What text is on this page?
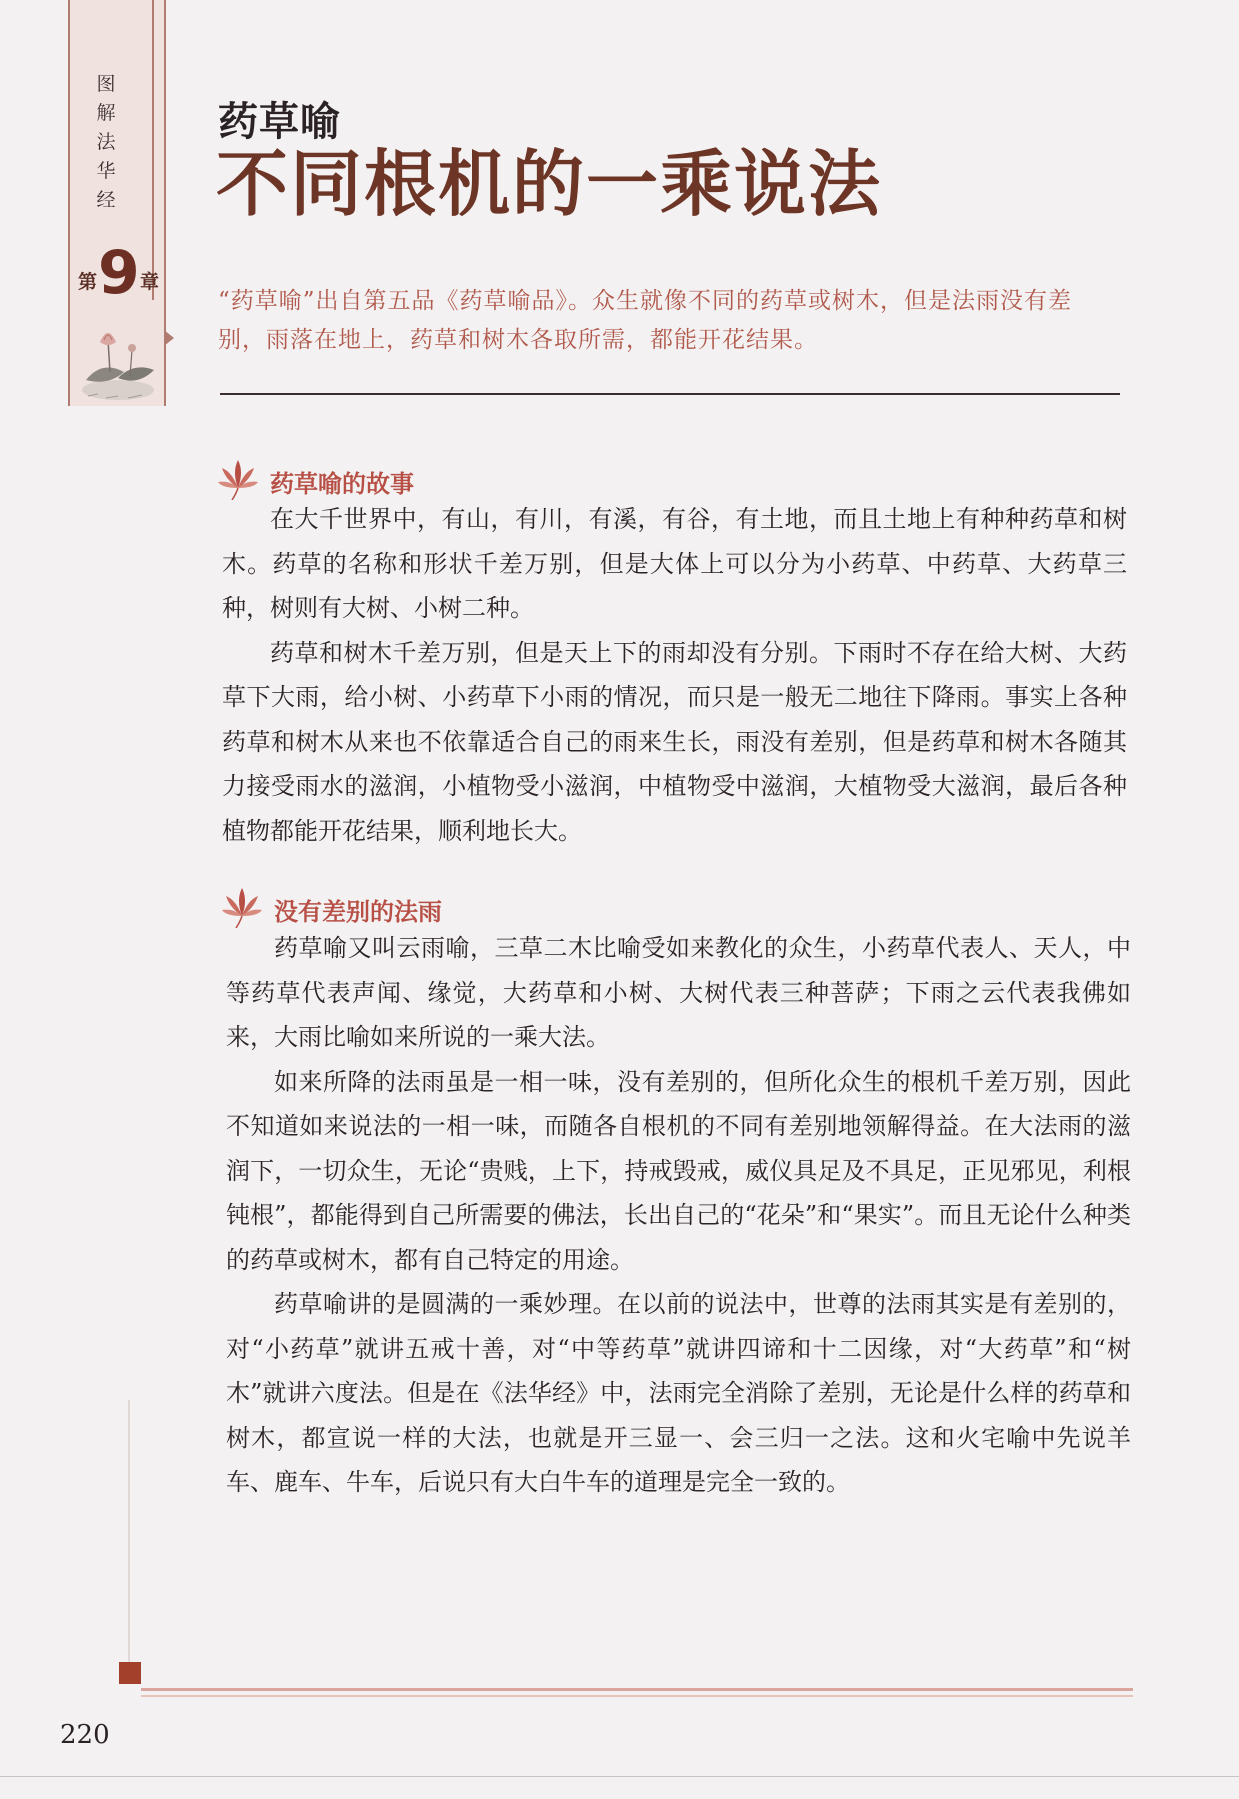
图
解
法
华
经
第 9 章
药草喻
不同根机的一乘说法
“药草喻”出自第五品《药草喻品》。众生就像不同的药草或树木，但是法雨没有差别，雨落在地上，药草和树木各取所需，都能开花结果。
药草喻的故事

在大千世界中，有山，有川，有溪，有谷，有土地，而且土地上有种种药草和树木。药草的名称和形状千差万别，但是大体上可以分为小药草、中药草、大药草三种，树则有大树、小树二种。

药草和树木千差万别，但是天上下的雨却没有分别。下雨时不存在给大树、大药草下大雨，给小树、小药草下小雨的情况，而只是一般无二地往下降雨。事实上各种药草和树木从来也不依靠适合自己的雨来生长，雨没有差别，但是药草和树木各随其力接受雨水的滋润，小植物受小滋润，中植物受中滋润，大植物受大滋润，最后各种植物都能开花结果，顺利地长大。

没有差别的法雨

药草喻又叫云雨喻，三草二木比喻受如来教化的众生，小药草代表人、天人，中等药草代表声闻、缘觉，大药草和小树、大树代表三种菩萨；下雨之云代表我佛如来，大雨比喻如来所说的一乘大法。

如来所降的法雨虽是一相一味，没有差别的，但所化众生的根机千差万别，因此不知道如来说法的一相一味，而随各自根机的不同有差别地领解得益。在大法雨的滋润下，一切众生，无论“贵贱，上下，持戒毁戒，威仪具足及不具足，正见邪见，利根钝根”，都能得到自己所需要的佛法，长出自己的“花朵”和“果实”。而且无论什么种类的药草或树木，都有自己特定的用途。

药草喻讲的是圆满的一乘妙理。在以前的说法中，世尊的法雨其实是有差别的，对“小药草”就讲五戒十善，对“中等药草”就讲四谛和十二因缘，对“大药草”和“树木”就讲六度法。但是在《法华经》中，法雨完全消除了差别，无论是什么样的药草和树木，都宣说一样的大法，也就是开三显一、会三归一之法。这和火宅喻中先说羊车、鹿车、牛车，后说只有大白牛车的道理是完全一致的。

220
